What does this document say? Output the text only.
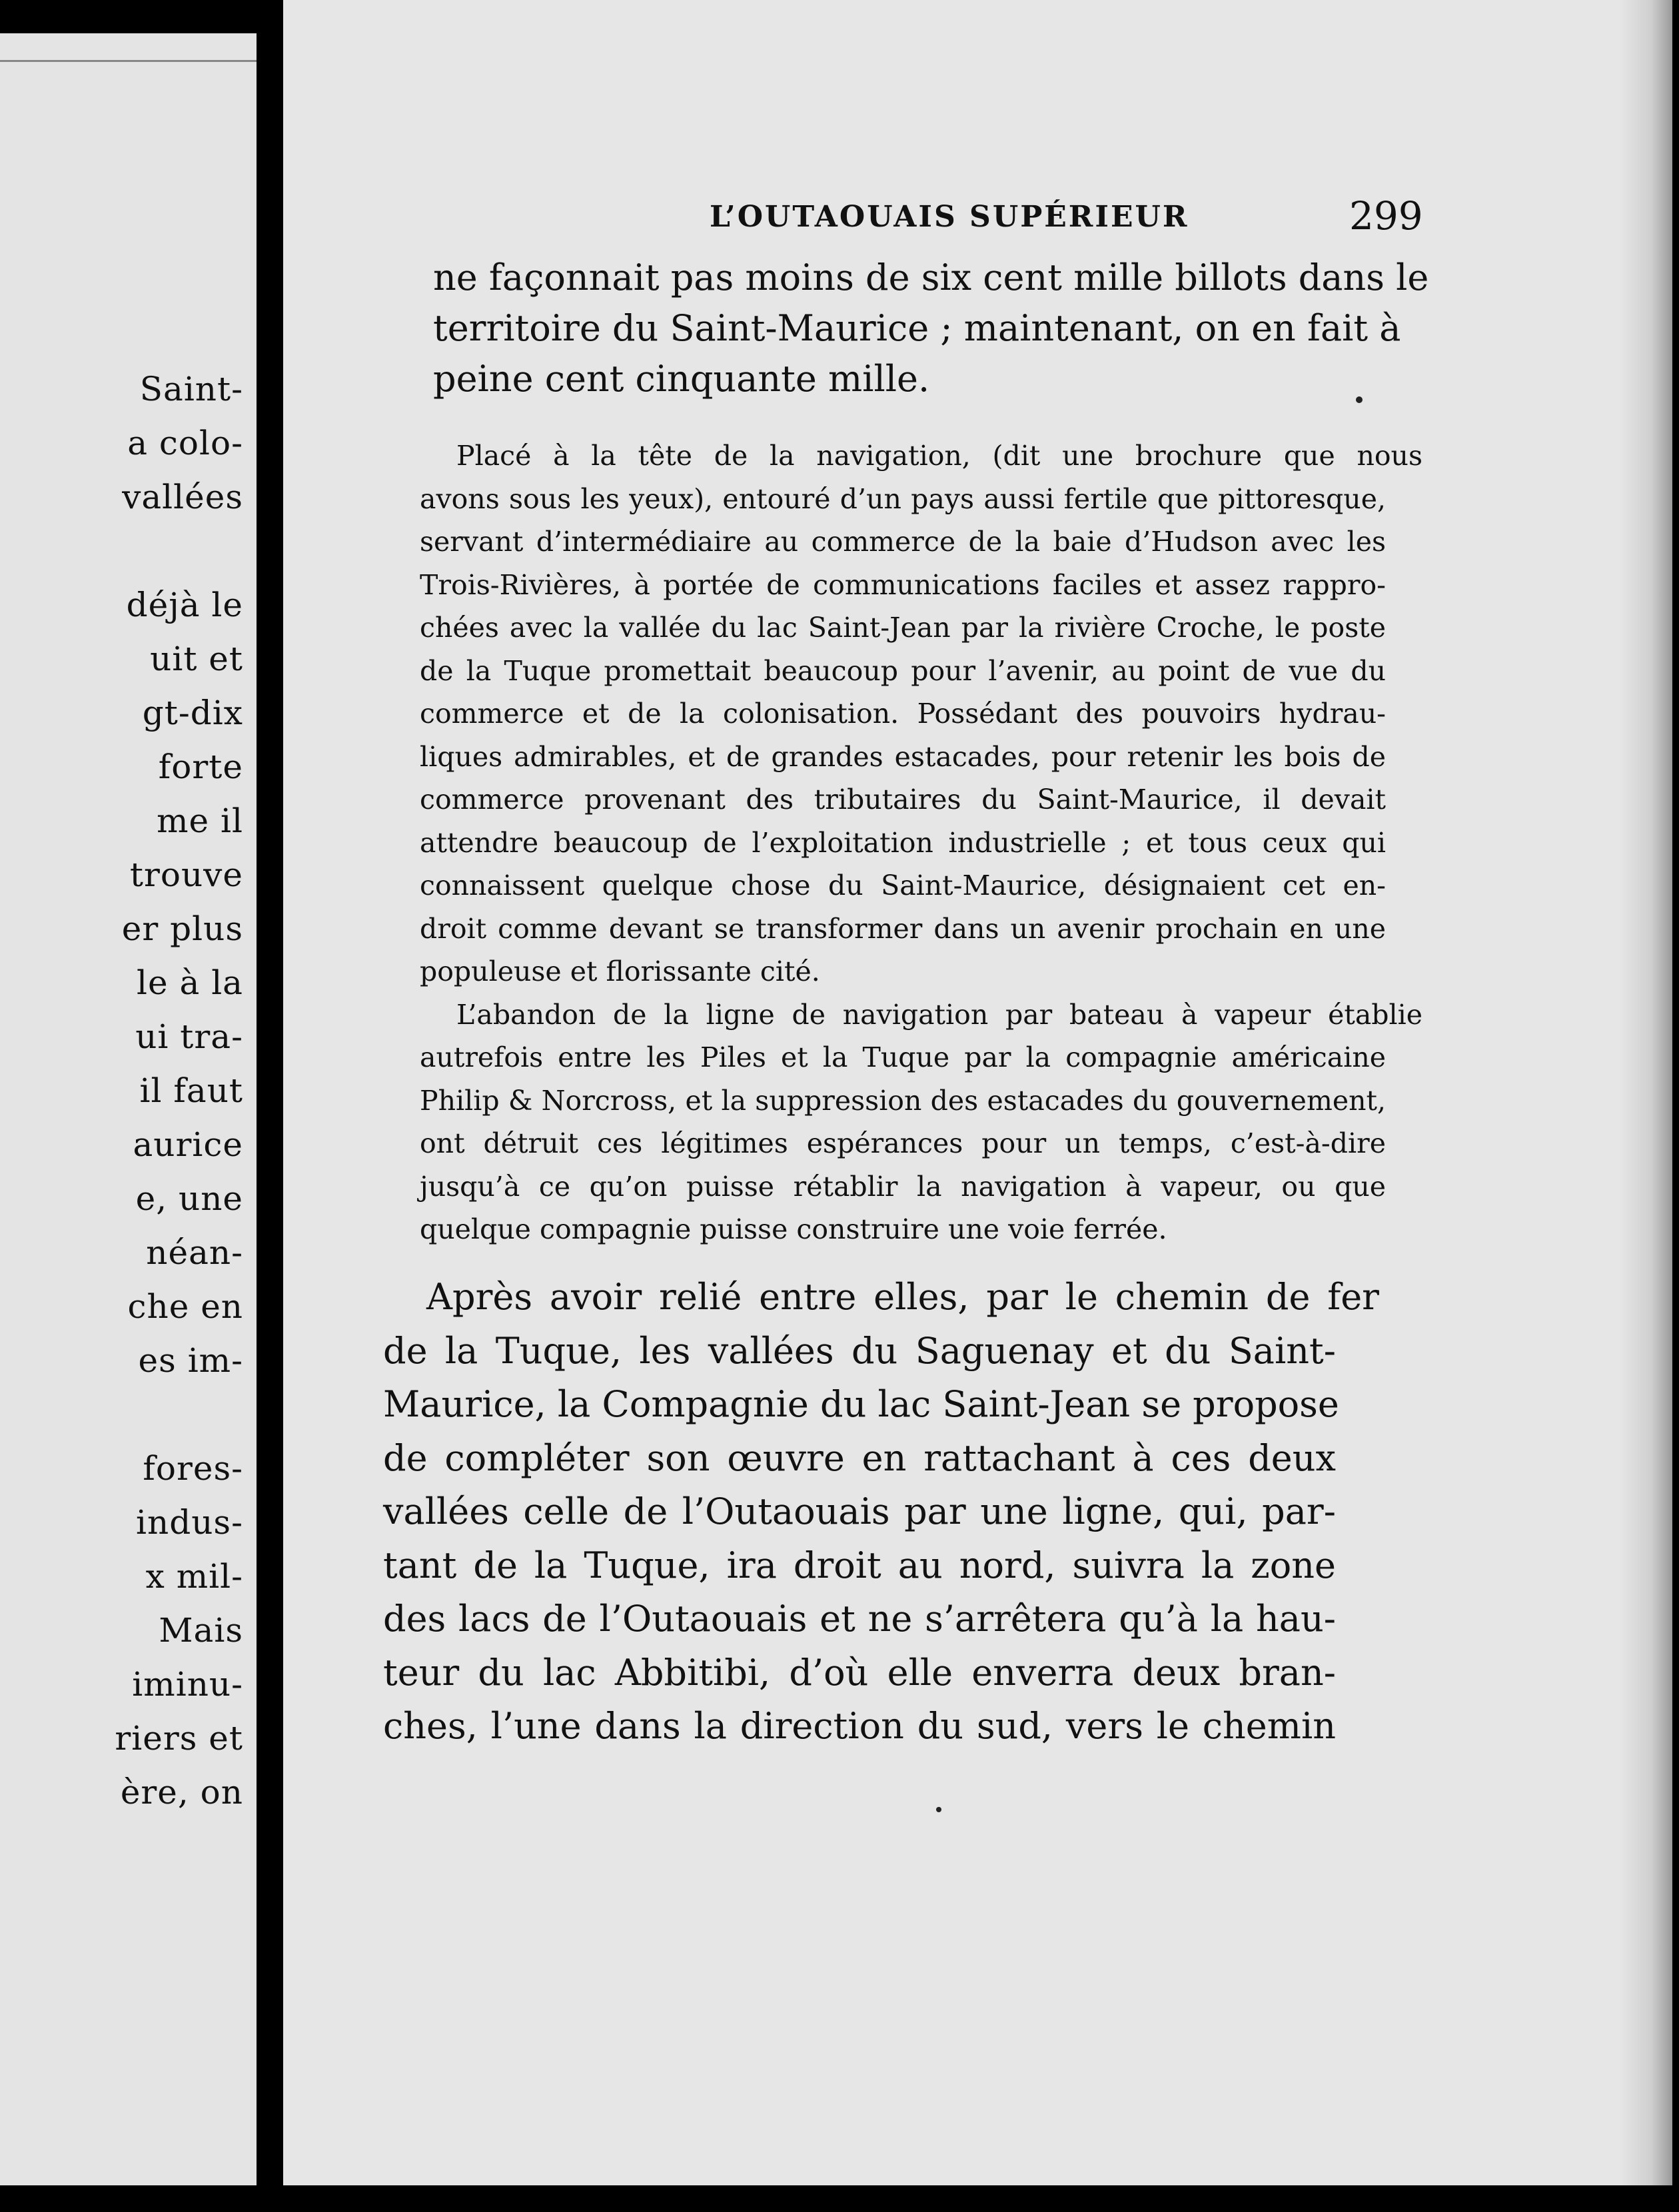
Saint-
a colo-
vallées
déjà le
uit et
gt-dix
forte
me il
trouve
er plus
le à la
ui tra-
il faut
aurice
e, une
néan-
che en
es im-
fores-
indus-
x mil-
Mais
iminu-
riers et
ère, on
L’OUTAOUAIS SUPÉRIEUR	299
ne façonnait pas moins de six cent mille billots dans le
territoire du Saint-Maurice ; maintenant, on en fait à
peine cent cinquante mille.
Placé à la tête de la navigation, (dit une brochure que nous
avons sous les yeux), entouré d’un pays aussi fertile que pittoresque,
servant d’intermédiaire au commerce de la baie d’Hudson avec les
Trois-Rivières, à portée de communications faciles et assez rappro-
chées avec la vallée du lac Saint-Jean par la rivière Croche, le poste
de la Tuque promettait beaucoup pour l’avenir, au point de vue du
commerce et de la colonisation. Possédant des pouvoirs hydrau-
liques admirables, et de grandes estacades, pour retenir les bois de
commerce provenant des tributaires du Saint-Maurice, il devait
attendre beaucoup de l’exploitation industrielle ; et tous ceux qui
connaissent quelque chose du Saint-Maurice, désignaient cet en-
droit comme devant se transformer dans un avenir prochain en une
populeuse et florissante cité.
L’abandon de la ligne de navigation par bateau à vapeur établie
autrefois entre les Piles et la Tuque par la compagnie américaine
Philip & Norcross, et la suppression des estacades du gouvernement,
ont détruit ces légitimes espérances pour un temps, c’est-à-dire
jusqu’à ce qu’on puisse rétablir la navigation à vapeur, ou que
quelque compagnie puisse construire une voie ferrée.
Après avoir relié entre elles, par le chemin de fer
de la Tuque, les vallées du Saguenay et du Saint-
Maurice, la Compagnie du lac Saint-Jean se propose
de compléter son œuvre en rattachant à ces deux
vallées celle de l’Outaouais par une ligne, qui, par-
tant de la Tuque, ira droit au nord, suivra la zone
des lacs de l’Outaouais et ne s’arrêtera qu’à la hau-
teur du lac Abbitibi, d’où elle enverra deux bran-
ches, l’une dans la direction du sud, vers le chemin
